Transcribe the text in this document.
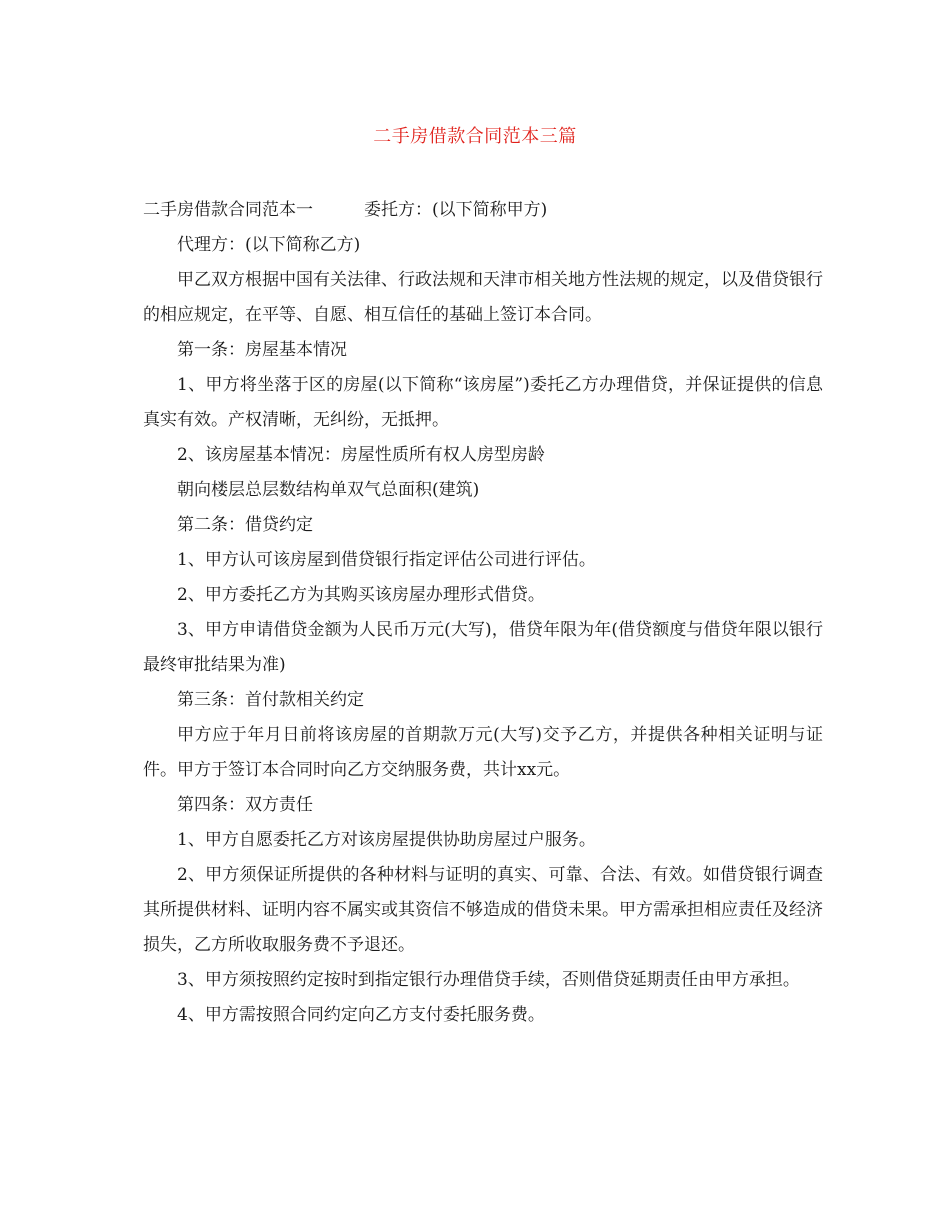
二手房借款合同范本三篇

二手房借款合同范本一　　　委托方：(以下简称甲方)

代理方：(以下简称乙方)

甲乙双方根据中国有关法律、行政法规和天津市相关地方性法规的规定，以及借贷银行的相应规定，在平等、自愿、相互信任的基础上签订本合同。

第一条：房屋基本情况

1、甲方将坐落于区的房屋(以下简称“该房屋”)委托乙方办理借贷，并保证提供的信息真实有效。产权清晰，无纠纷，无抵押。

2、该房屋基本情况：房屋性质所有权人房型房龄

朝向楼层总层数结构单双气总面积(建筑)

第二条：借贷约定

1、甲方认可该房屋到借贷银行指定评估公司进行评估。

2、甲方委托乙方为其购买该房屋办理形式借贷。

3、甲方申请借贷金额为人民币万元(大写)，借贷年限为年(借贷额度与借贷年限以银行最终审批结果为准)

第三条：首付款相关约定

甲方应于年月日前将该房屋的首期款万元(大写)交予乙方，并提供各种相关证明与证件。甲方于签订本合同时向乙方交纳服务费，共计xx元。

第四条：双方责任

1、甲方自愿委托乙方对该房屋提供协助房屋过户服务。

2、甲方须保证所提供的各种材料与证明的真实、可靠、合法、有效。如借贷银行调查其所提供材料、证明内容不属实或其资信不够造成的借贷未果。甲方需承担相应责任及经济损失，乙方所收取服务费不予退还。

3、甲方须按照约定按时到指定银行办理借贷手续，否则借贷延期责任由甲方承担。

4、甲方需按照合同约定向乙方支付委托服务费。
